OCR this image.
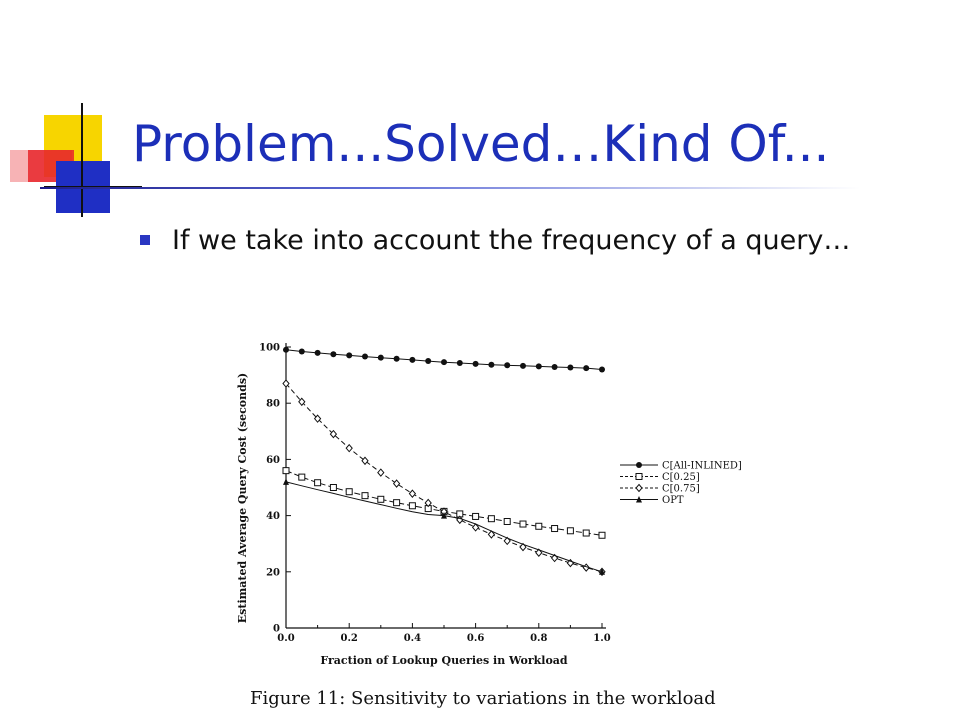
Problem...Solved…Kind Of...
If we take into account the frequency of a query…
0
20
40
60
80
100
0.0	0.2	0.4	0.6	0.8	1.0
C[All-INLINED]
C[0.25]
C[0.75]
OPT
Estimated Average Query Cost (seconds)
Fraction of Lookup Queries in Workload
Figure 11: Sensitivity to variations in the workload
